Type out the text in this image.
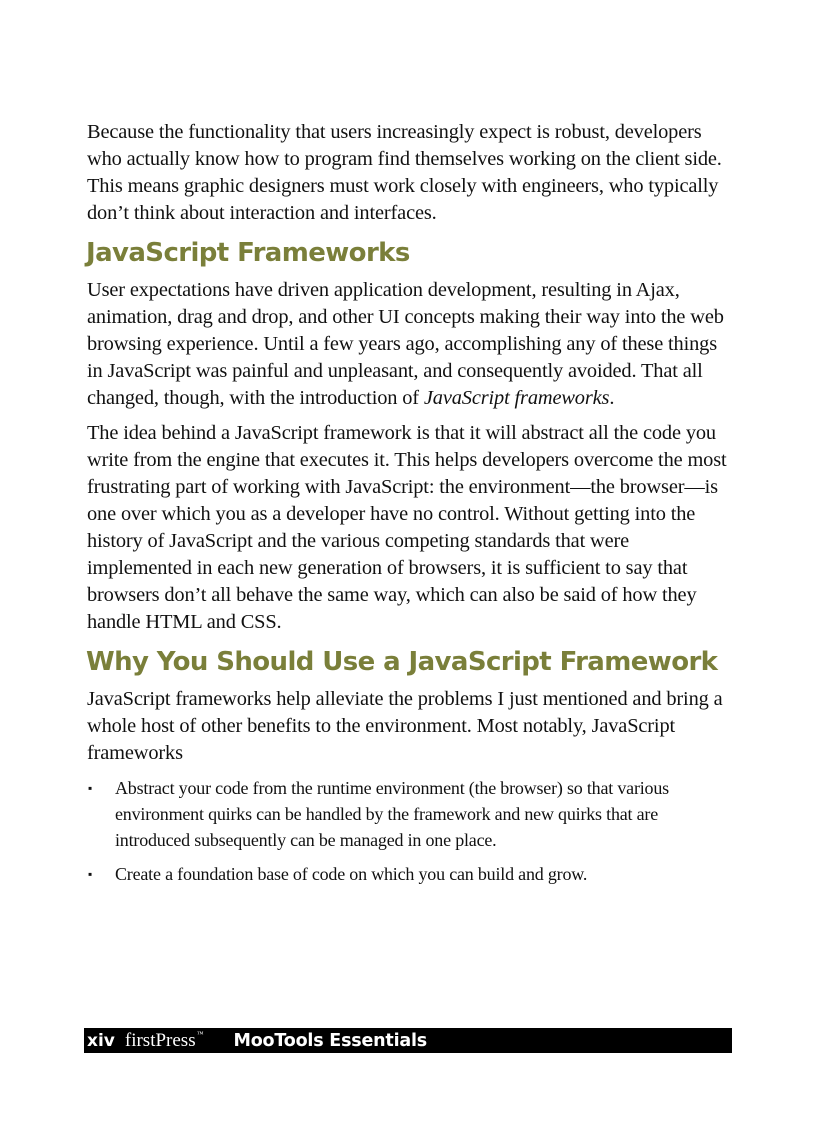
Because the functionality that users increasingly expect is robust, developers who actually know how to program find themselves working on the client side. This means graphic designers must work closely with engineers, who typically don’t think about interaction and interfaces.

JavaScript Frameworks

User expectations have driven application development, resulting in Ajax, animation, drag and drop, and other UI concepts making their way into the web browsing experience. Until a few years ago, accomplishing any of these things in JavaScript was painful and unpleasant, and consequently avoided. That all changed, though, with the introduction of JavaScript frameworks.

The idea behind a JavaScript framework is that it will abstract all the code you write from the engine that executes it. This helps developers overcome the most frustrating part of working with JavaScript: the environment—the browser—is one over which you as a developer have no control. Without getting into the history of JavaScript and the various competing standards that were implemented in each new generation of browsers, it is sufficient to say that browsers don’t all behave the same way, which can also be said of how they handle HTML and CSS.

Why You Should Use a JavaScript Framework

JavaScript frameworks help alleviate the problems I just mentioned and bring a whole host of other benefits to the environment. Most notably, JavaScript frameworks

▪ Abstract your code from the runtime environment (the browser) so that various environment quirks can be handled by the framework and new quirks that are introduced subsequently can be managed in one place.
▪ Create a foundation base of code on which you can build and grow.
xiv firstPress™ MooTools Essentials
